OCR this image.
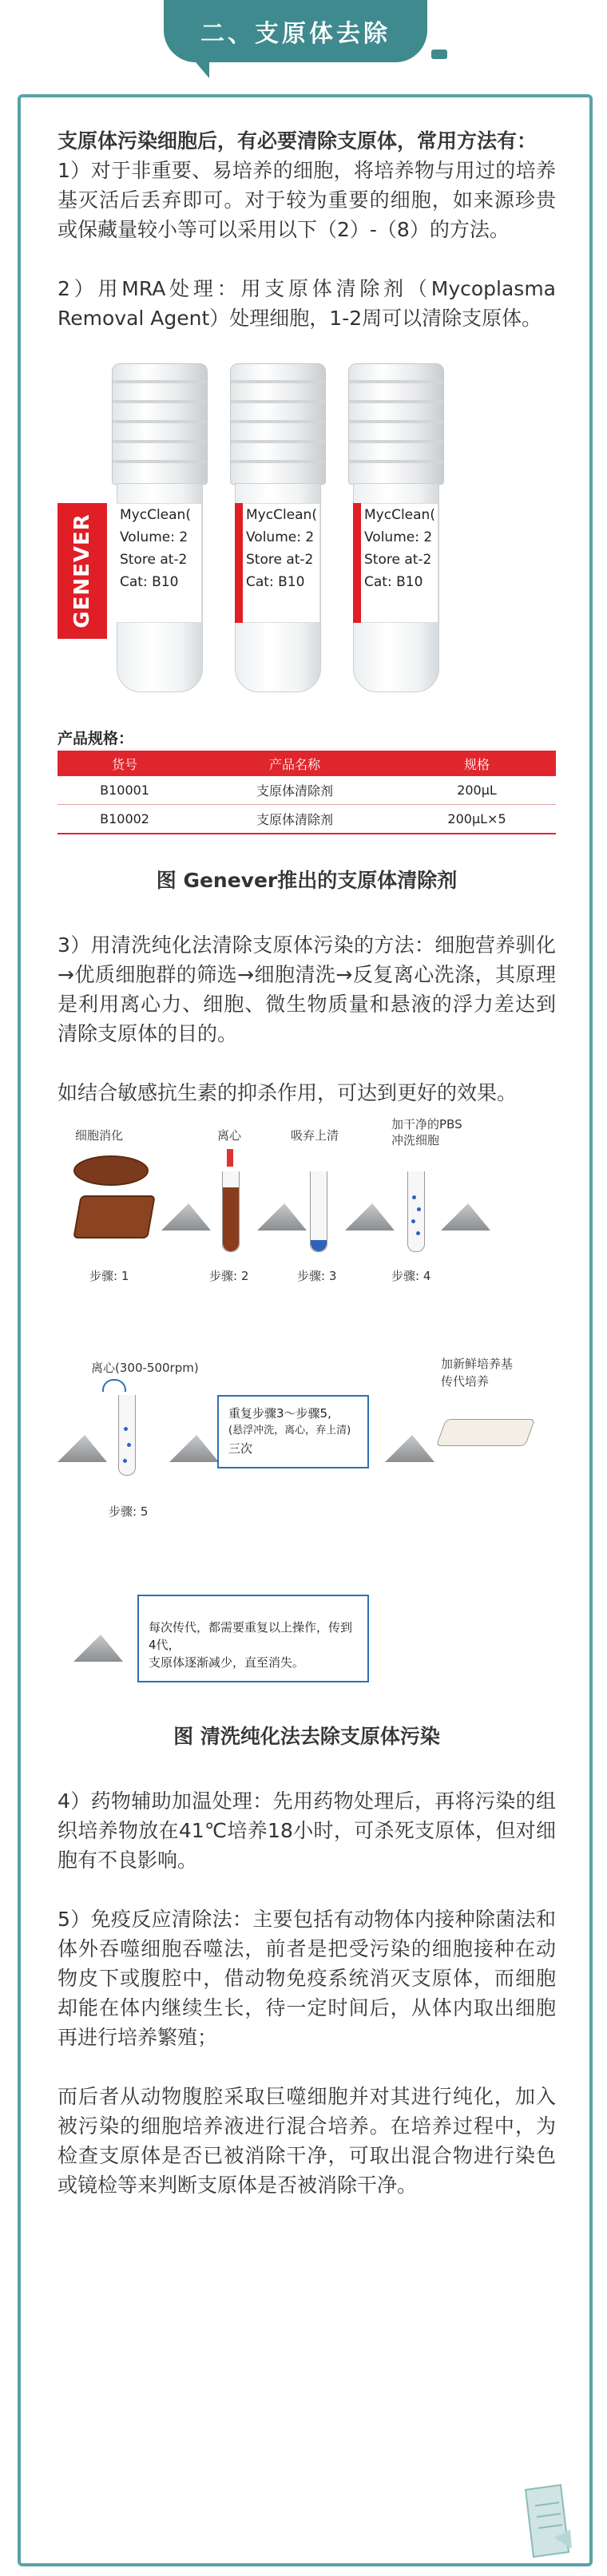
二、支原体去除

支原体污染细胞后，有必要清除支原体，常用方法有：

1）对于非重要、易培养的细胞，将培养物与用过的培养基灭活后丢弃即可。对于较为重要的细胞，如来源珍贵或保藏量较小等可以采用以下（2）-（8）的方法。

2）用MRA处理：用支原体清除剂（Mycoplasma Removal Agent）处理细胞，1-2周可以清除支原体。

GENEVER MycClean(
Volume: 2
Store at-2
Cat: B10
MycClean(
Volume: 2
Store at-2
Cat: B10
MycClean(
Volume: 2
Store at-2
Cat: B10
产品规格：
货号	产品名称	规格
B10001	支原体清除剂	200μL
B10002	支原体清除剂	200μL×5
图 Genever推出的支原体清除剂

3）用清洗纯化法清除支原体污染的方法：细胞营养驯化→优质细胞群的筛选→细胞清洗→反复离心洗涤，其原理是利用离心力、细胞、微生物质量和悬液的浮力差达到清除支原体的目的。

如结合敏感抗生素的抑杀作用，可达到更好的效果。

细胞消化
步骤: 1
离心
步骤: 2
吸弃上清
步骤: 3
加干净的PBS
冲洗细胞
步骤: 4
离心(300-500rpm)
步骤: 5
重复步骤3～步骤5,
(悬浮冲洗，离心，弃上清)
三次
加新鲜培养基
传代培养
每次传代，都需要重复以上操作，传到4代，
支原体逐渐减少，直至消失。
图 清洗纯化法去除支原体污染

4）药物辅助加温处理：先用药物处理后，再将污染的组织培养物放在41℃培养18小时，可杀死支原体，但对细胞有不良影响。

5）免疫反应清除法：主要包括有动物体内接种除菌法和体外吞噬细胞吞噬法，前者是把受污染的细胞接种在动物皮下或腹腔中，借动物免疫系统消灭支原体，而细胞却能在体内继续生长，待一定时间后，从体内取出细胞再进行培养繁殖；

而后者从动物腹腔采取巨噬细胞并对其进行纯化，加入被污染的细胞培养液进行混合培养。在培养过程中，为检查支原体是否已被消除干净，可取出混合物进行染色或镜检等来判断支原体是否被消除干净。
